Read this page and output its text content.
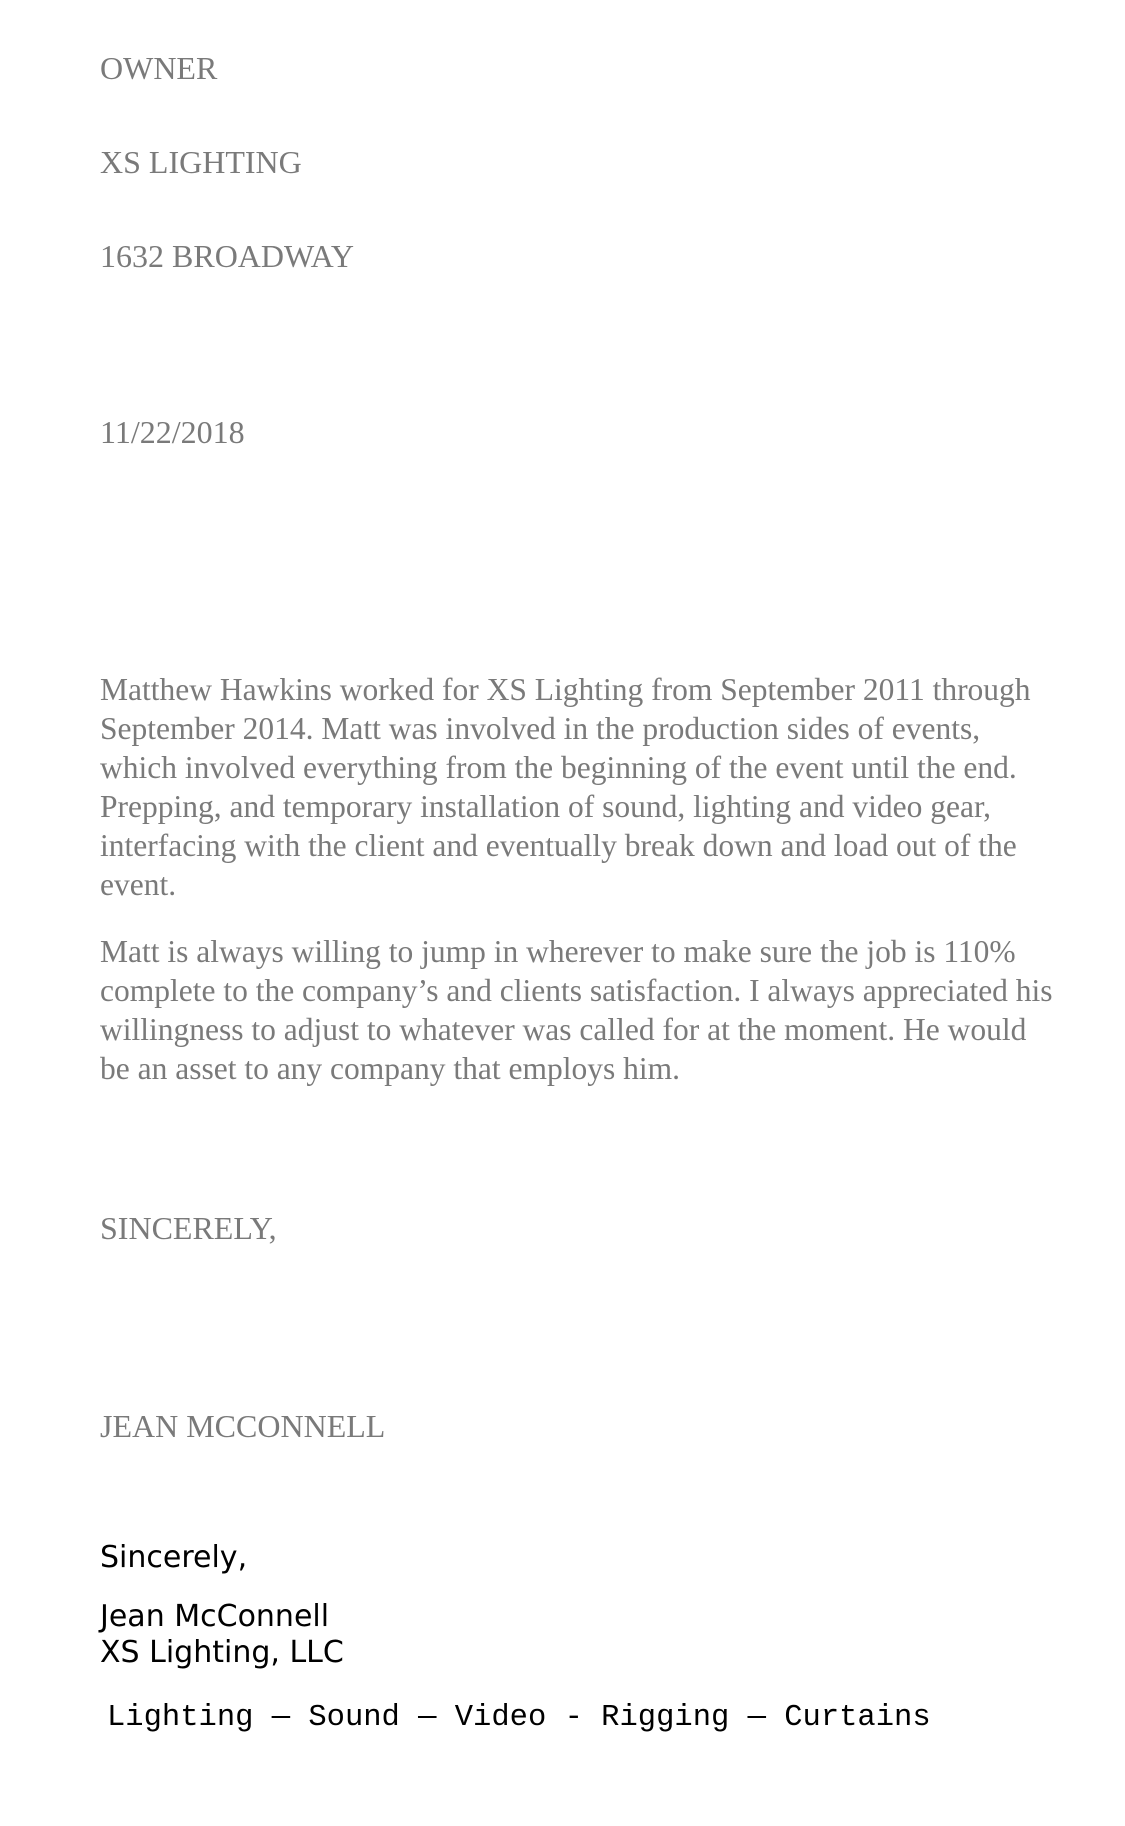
OWNER

XS LIGHTING

1632 BROADWAY

11/22/2018

Matthew Hawkins worked for XS Lighting from September 2011 through September 2014. Matt was involved in the production sides of events, which involved everything from the beginning of the event until the end. Prepping, and temporary installation of sound, lighting and video gear, interfacing with the client and eventually break down and load out of the event.

Matt is always willing to jump in wherever to make sure the job is 110% complete to the company’s and clients satisfaction. I always appreciated his willingness to adjust to whatever was called for at the moment. He would be an asset to any company that employs him.

SINCERELY,

JEAN MCCONNELL

Sincerely,

Jean McConnell
XS Lighting, LLC

Lighting — Sound — Video - Rigging — Curtains
